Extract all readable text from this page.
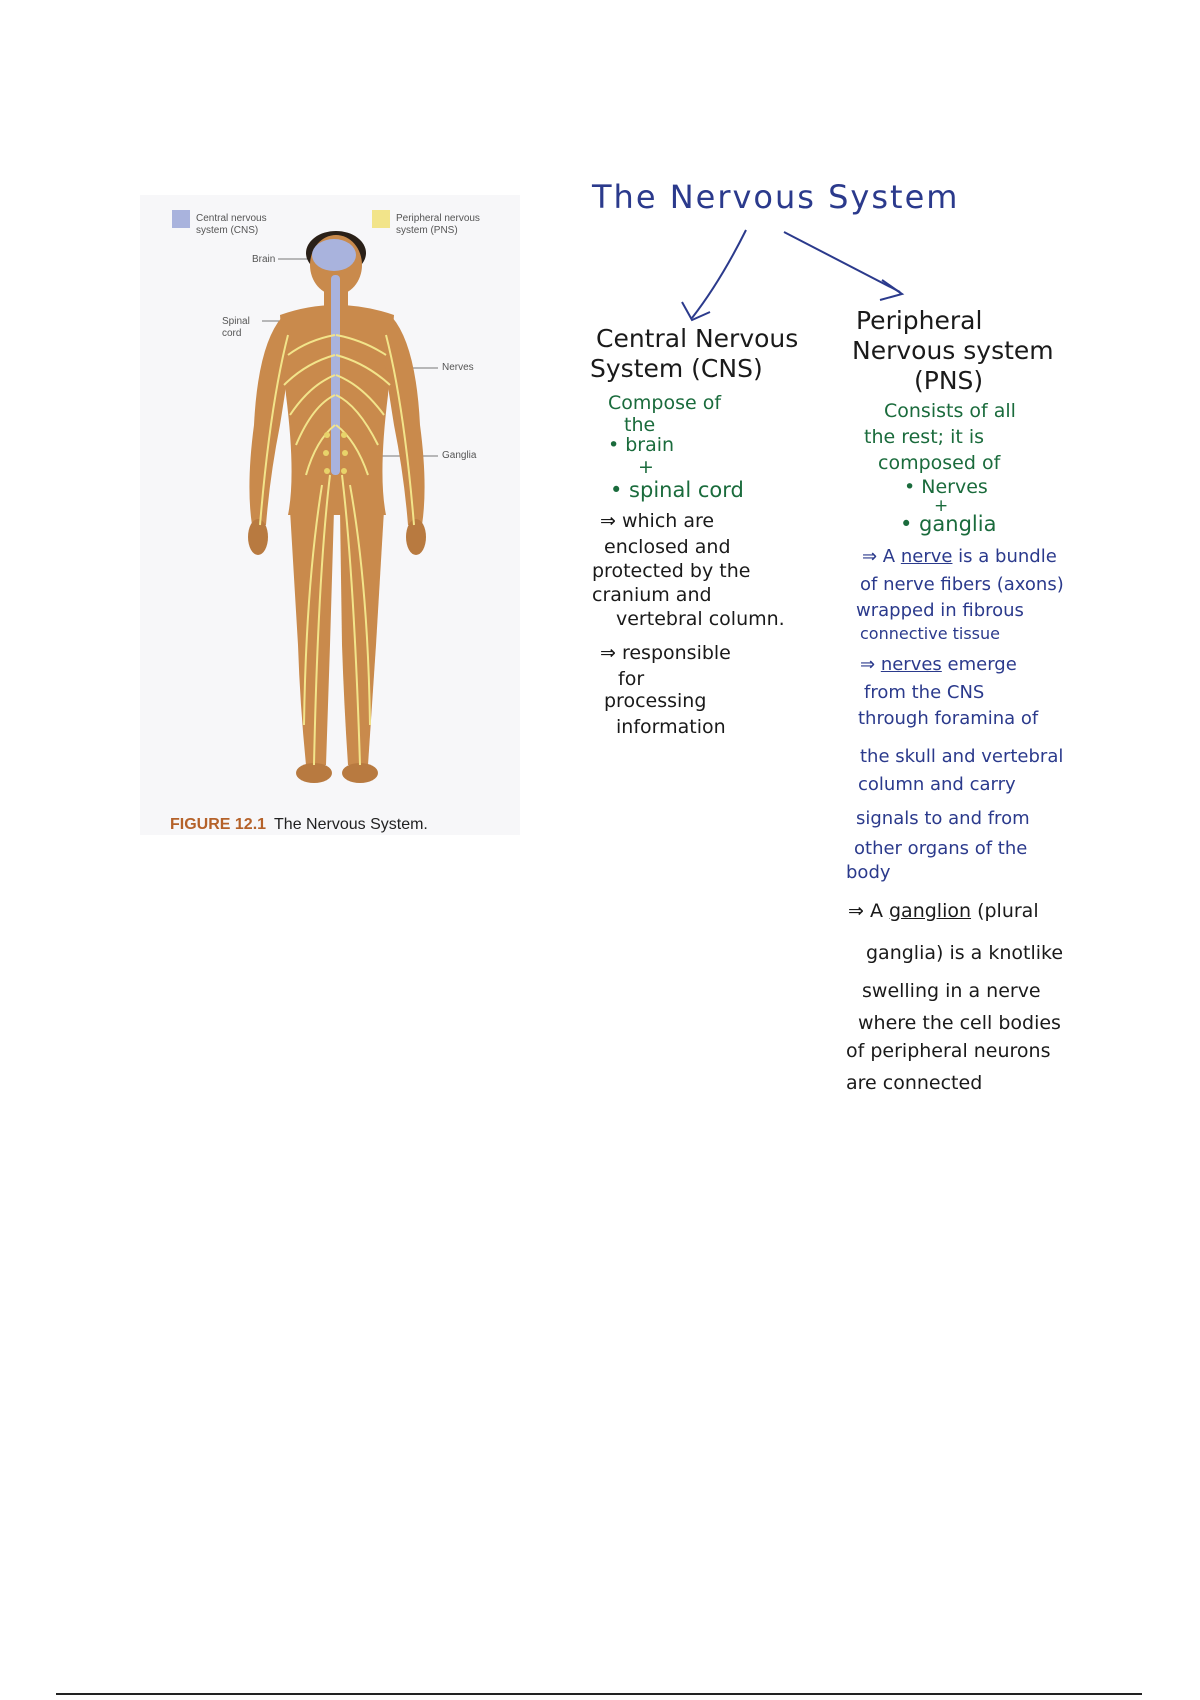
Central nervous system (CNS)
Peripheral nervous system (PNS)
Brain
Spinal cord
Nerves
Ganglia
FIGURE 12.1 The Nervous System.
The Nervous System
Central Nervous
System (CNS)
Compose of
the
• brain
+
• spinal cord
⇒ which are
enclosed and
protected by the
cranium and
vertebral column.
⇒ responsible
for
processing
information
Peripheral
Nervous system
(PNS)
Consists of all
the rest; it is
composed of
• Nerves
+
• ganglia
⇒ A nerve is a bundle
of nerve fibers (axons)
wrapped in fibrous
connective tissue
⇒ nerves emerge
from the CNS
through foramina of
the skull and vertebral
column and carry
signals to and from
other organs of the
body
⇒ A ganglion (plural
ganglia) is a knotlike
swelling in a nerve
where the cell bodies
of peripheral neurons
are connected
